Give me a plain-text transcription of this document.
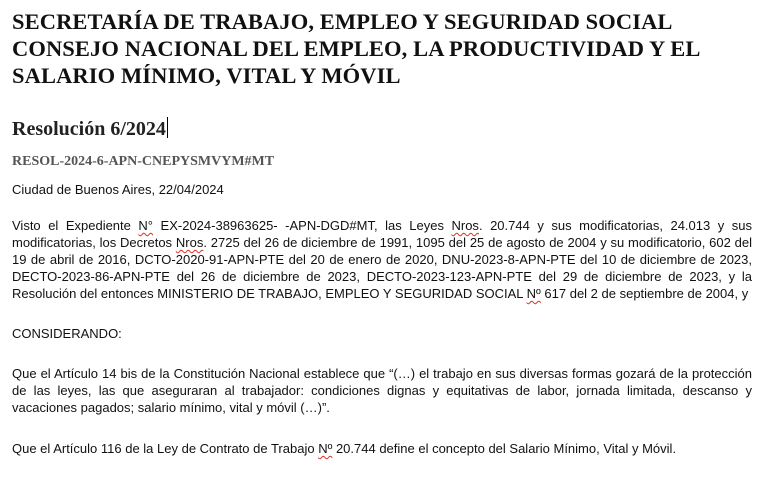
SECRETARÍA DE TRABAJO, EMPLEO Y SEGURIDAD SOCIAL CONSEJO NACIONAL DEL EMPLEO, LA PRODUCTIVIDAD Y EL SALARIO MÍNIMO, VITAL Y MÓVIL
Resolución 6/2024

RESOL-2024-6-APN-CNEPYSMVYM#MT

Ciudad de Buenos Aires, 22/04/2024

Visto el Expediente N° EX-2024-38963625- -APN-DGD#MT, las Leyes Nros. 20.744 y sus modificatorias, 24.013 y sus modificatorias, los Decretos Nros. 2725 del 26 de diciembre de 1991, 1095 del 25 de agosto de 2004 y su modificatorio, 602 del 19 de abril de 2016, DCTO-2020-91-APN-PTE del 20 de enero de 2020, DNU-2023-8-APN-PTE del 10 de diciembre de 2023, DECTO-2023-86-APN-PTE del 26 de diciembre de 2023, DECTO-2023-123-APN-PTE del 29 de diciembre de 2023, y la Resolución del entonces MINISTERIO DE TRABAJO, EMPLEO Y SEGURIDAD SOCIAL Nº 617 del 2 de septiembre de 2004, y

CONSIDERANDO:

Que el Artículo 14 bis de la Constitución Nacional establece que “(…) el trabajo en sus diversas formas gozará de la protección de las leyes, las que aseguraran al trabajador: condiciones dignas y equitativas de labor, jornada limitada, descanso y vacaciones pagados; salario mínimo, vital y móvil (…)”.

Que el Artículo 116 de la Ley de Contrato de Trabajo Nº 20.744 define el concepto del Salario Mínimo, Vital y Móvil.
